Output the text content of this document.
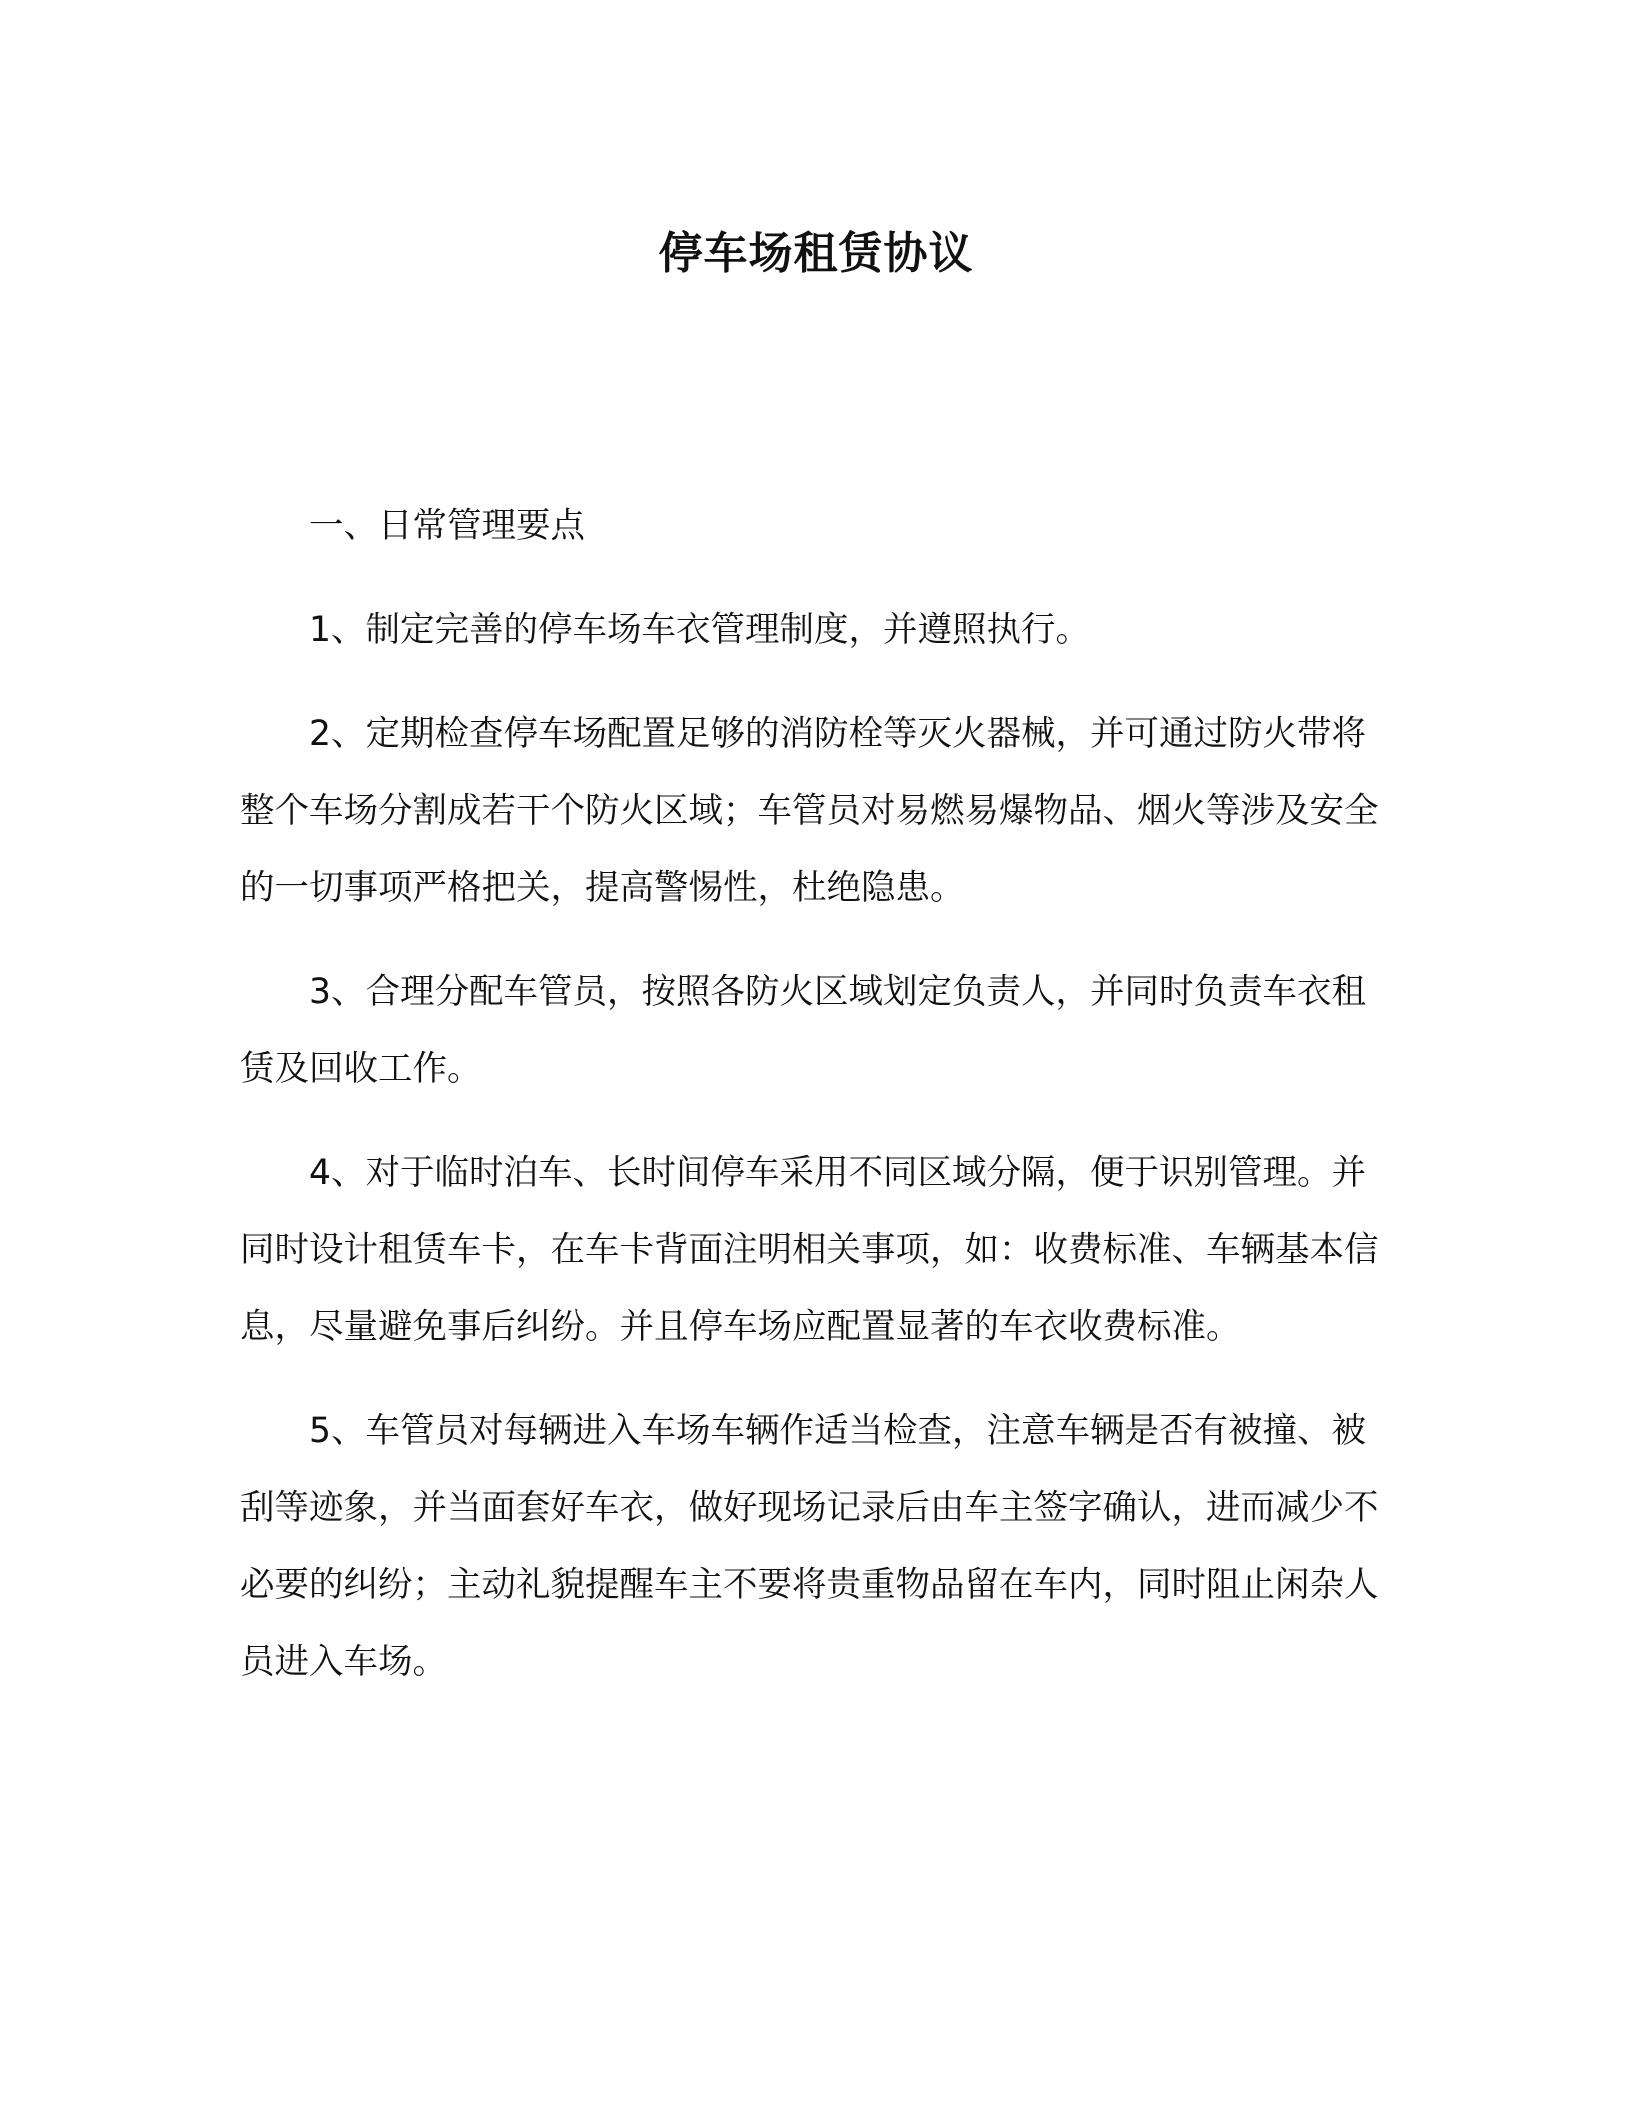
停车场租赁协议

一、日常管理要点

1、制定完善的停车场车衣管理制度，并遵照执行。

2、定期检查停车场配置足够的消防栓等灭火器械，并可通过防火带将整个车场分割成若干个防火区域；车管员对易燃易爆物品、烟火等涉及安全的一切事项严格把关，提高警惕性，杜绝隐患。

3、合理分配车管员，按照各防火区域划定负责人，并同时负责车衣租赁及回收工作。

4、对于临时泊车、长时间停车采用不同区域分隔，便于识别管理。并同时设计租赁车卡，在车卡背面注明相关事项，如：收费标准、车辆基本信息，尽量避免事后纠纷。并且停车场应配置显著的车衣收费标准。

5、车管员对每辆进入车场车辆作适当检查，注意车辆是否有被撞、被刮等迹象，并当面套好车衣，做好现场记录后由车主签字确认，进而减少不必要的纠纷；主动礼貌提醒车主不要将贵重物品留在车内，同时阻止闲杂人员进入车场。
